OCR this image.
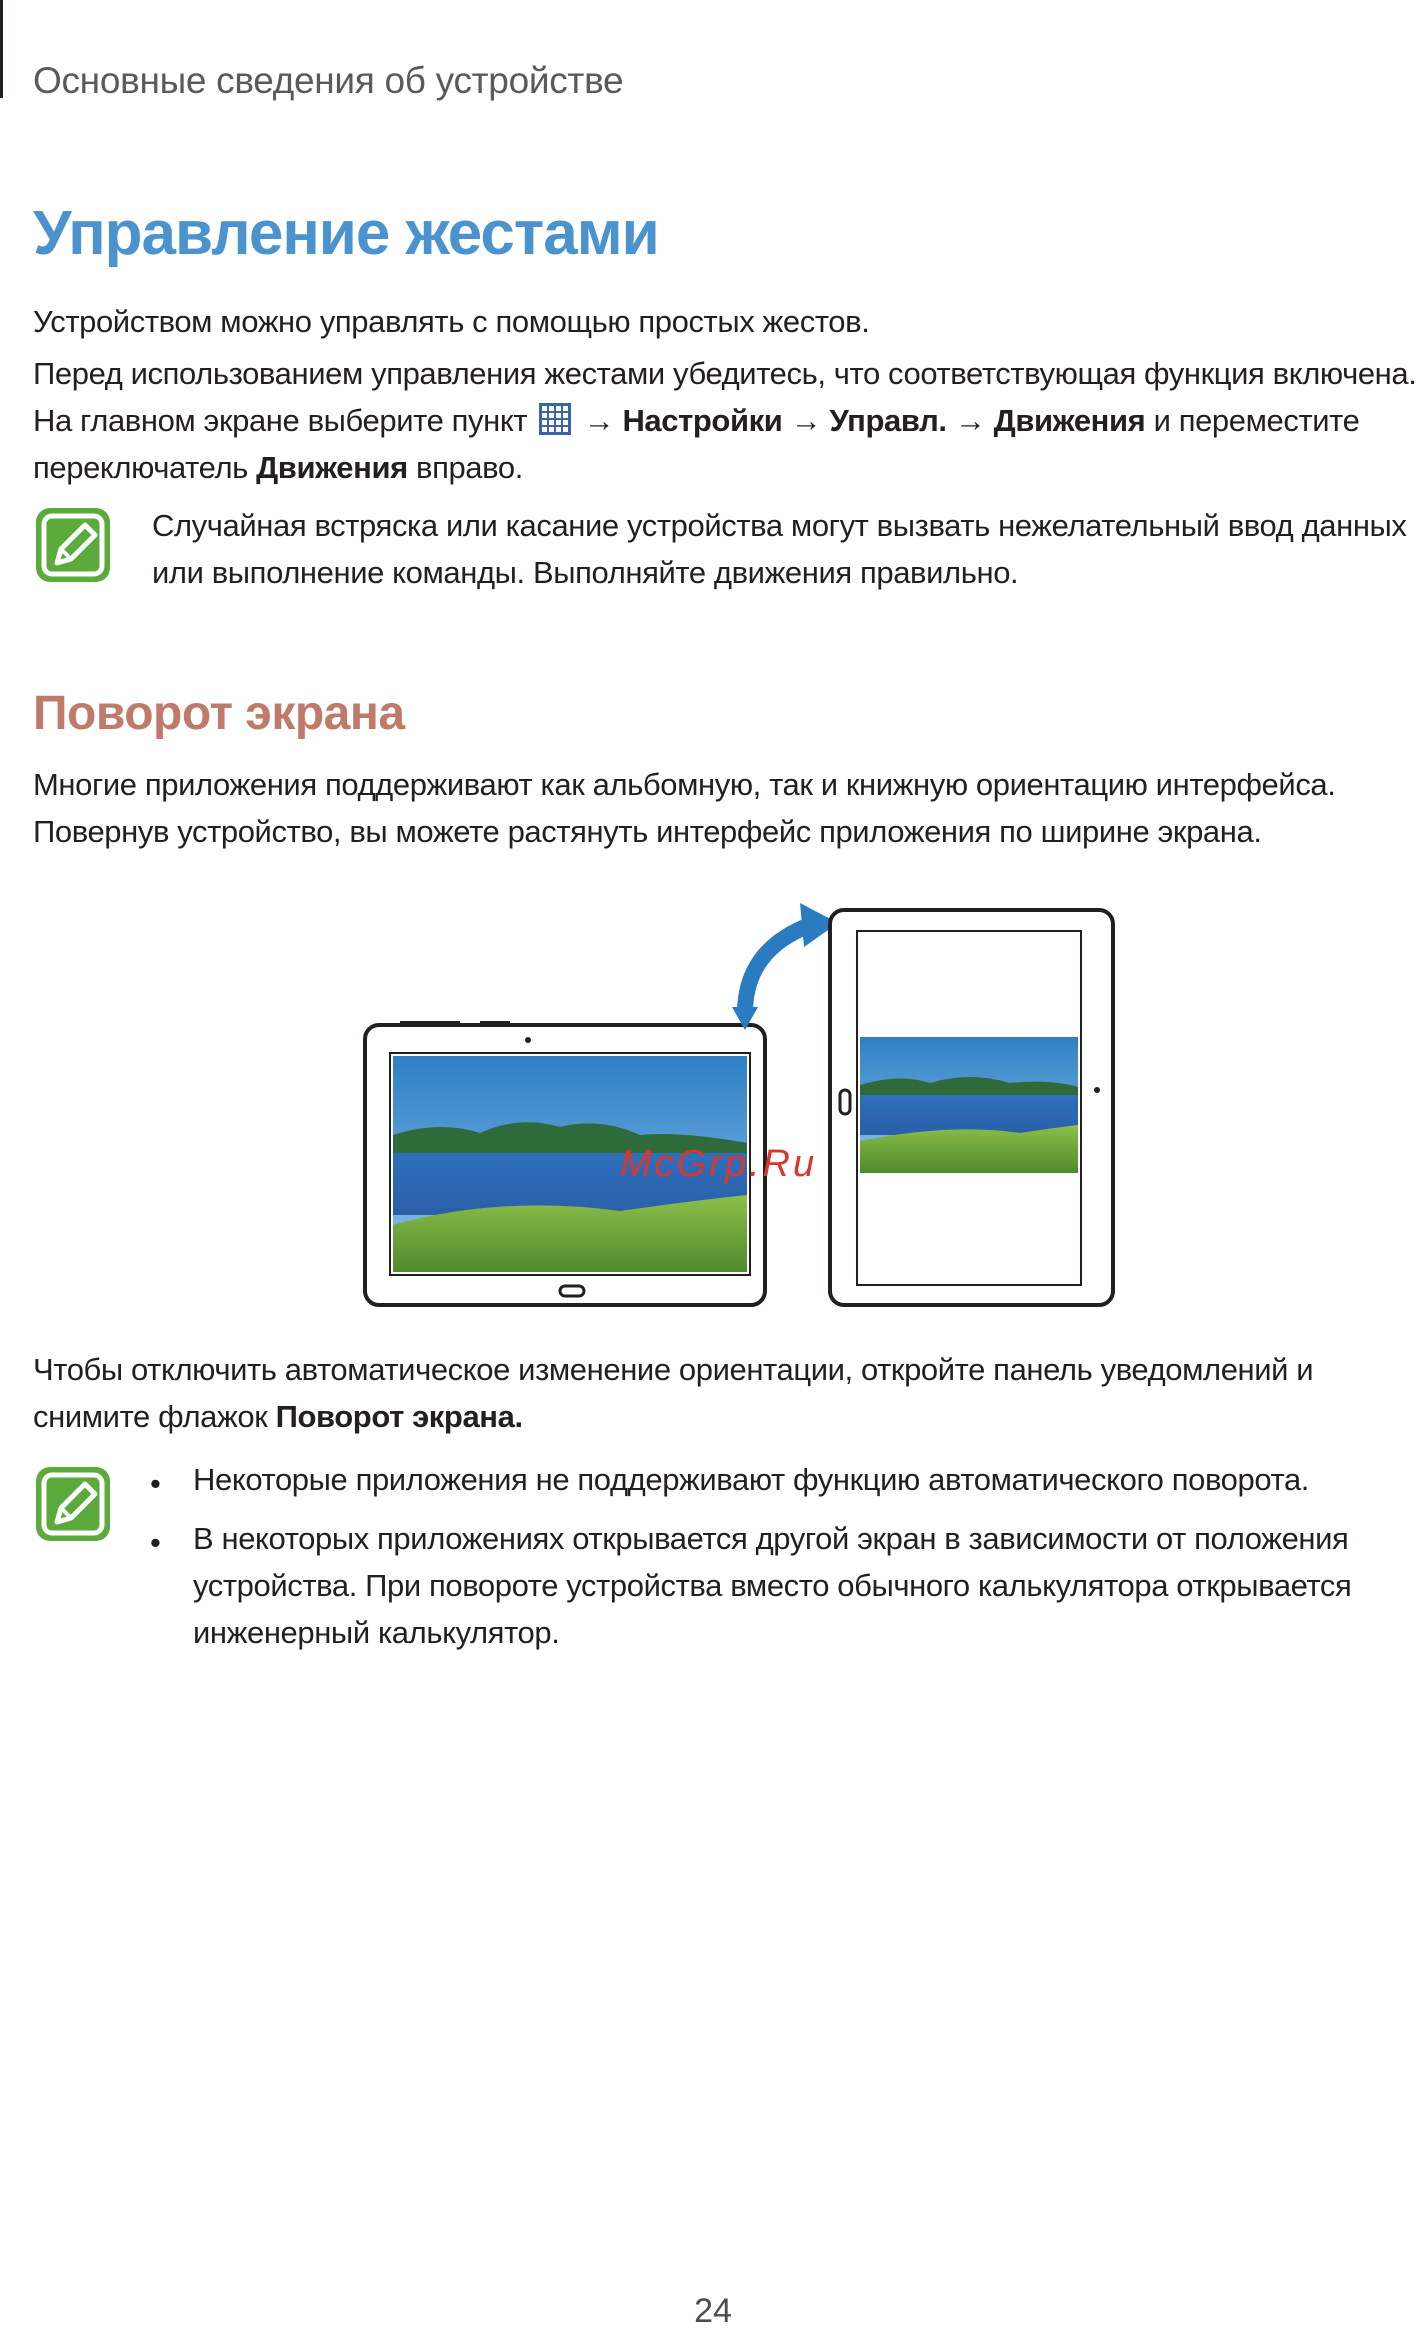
Основные сведения об устройстве
Управление жестами
Устройством можно управлять с помощью простых жестов.
Перед использованием управления жестами убедитесь, что соответствующая функция включена.
На главном экране выберите пункт → Настройки → Управл. → Движения и переместите
переключатель Движения вправо.
Случайная встряска или касание устройства могут вызвать нежелательный ввод данных
или выполнение команды. Выполняйте движения правильно.
Поворот экрана
Многие приложения поддерживают как альбомную, так и книжную ориентацию интерфейса.
Повернув устройство, вы можете растянуть интерфейс приложения по ширине экрана.
McGrp.Ru
Чтобы отключить автоматическое изменение ориентации, откройте панель уведомлений и
снимите флажок Поворот экрана.
• Некоторые приложения не поддерживают функцию автоматического поворота.
• В некоторых приложениях открывается другой экран в зависимости от положения
устройства. При повороте устройства вместо обычного калькулятора открывается
инженерный калькулятор.
24
